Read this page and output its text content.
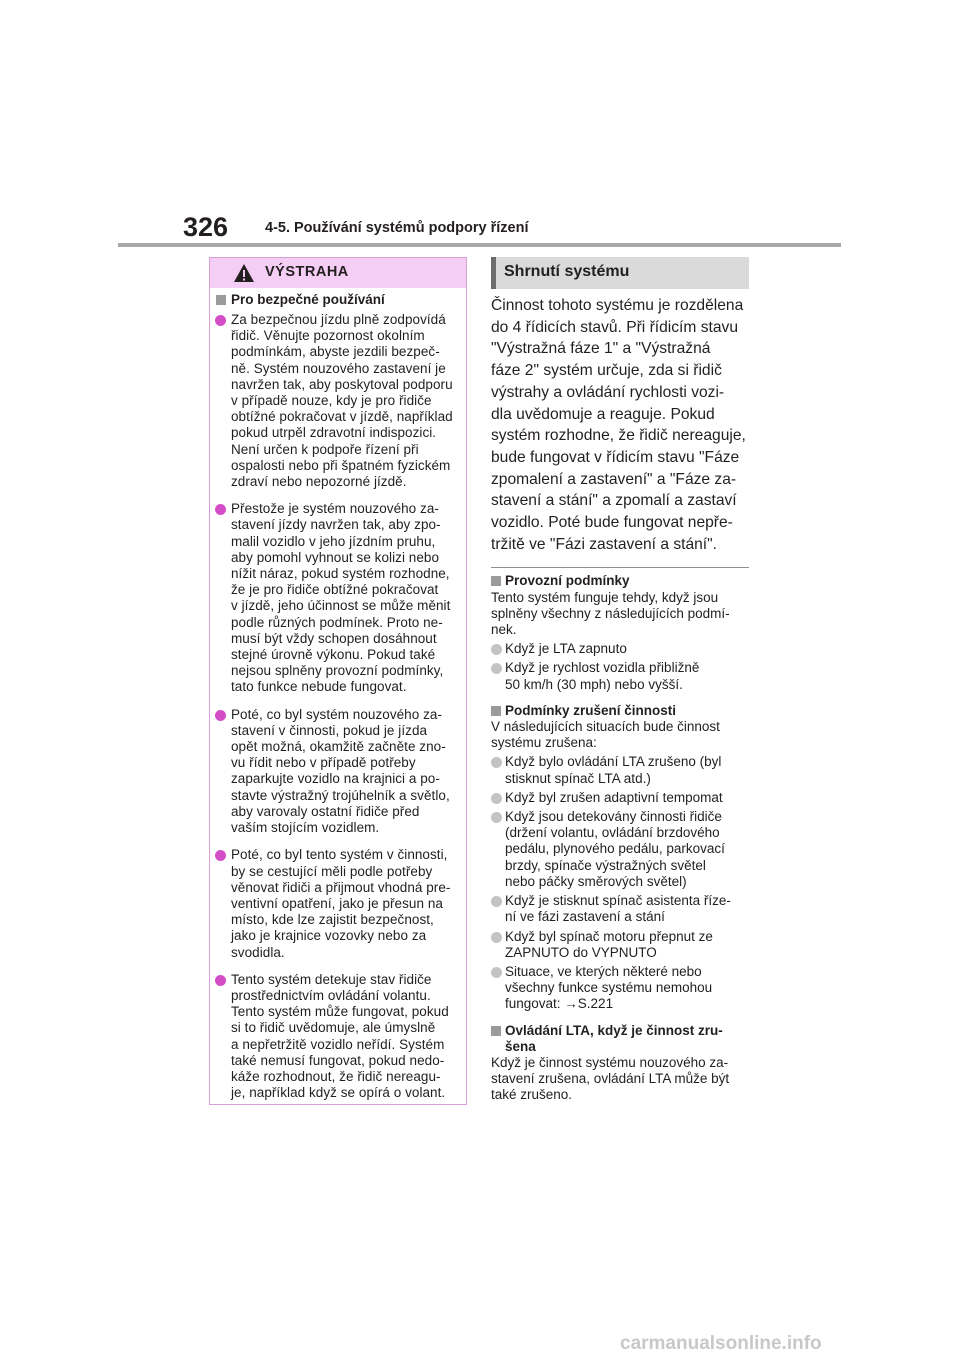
326	4-5. Používání systémů podpory řízení
VÝSTRAHA
Pro bezpečné používání
Za bezpečnou jízdu plně zodpovídá
řidič. Věnujte pozornost okolním
podmínkám, abyste jezdili bezpeč-
ně. Systém nouzového zastavení je
navržen tak, aby poskytoval podporu
v případě nouze, kdy je pro řidiče
obtížné pokračovat v jízdě, například
pokud utrpěl zdravotní indispozici.
Není určen k podpoře řízení při
ospalosti nebo při špatném fyzickém
zdraví nebo nepozorné jízdě.
Přestože je systém nouzového za-
stavení jízdy navržen tak, aby zpo-
malil vozidlo v jeho jízdním pruhu,
aby pomohl vyhnout se kolizi nebo
nížit náraz, pokud systém rozhodne,
že je pro řidiče obtížné pokračovat
v jízdě, jeho účinnost se může měnit
podle různých podmínek. Proto ne-
musí být vždy schopen dosáhnout
stejné úrovně výkonu. Pokud také
nejsou splněny provozní podmínky,
tato funkce nebude fungovat.
Poté, co byl systém nouzového za-
stavení v činnosti, pokud je jízda
opět možná, okamžitě začněte zno-
vu řídit nebo v případě potřeby
zaparkujte vozidlo na krajnici a po-
stavte výstražný trojúhelník a světlo,
aby varovaly ostatní řidiče před
vaším stojícím vozidlem.
Poté, co byl tento systém v činnosti,
by se cestující měli podle potřeby
věnovat řidiči a přijmout vhodná pre-
ventivní opatření, jako je přesun na
místo, kde lze zajistit bezpečnost,
jako je krajnice vozovky nebo za
svodidla.
Tento systém detekuje stav řidiče
prostřednictvím ovládání volantu.
Tento systém může fungovat, pokud
si to řidič uvědomuje, ale úmyslně
a nepřetržitě vozidlo neřídí. Systém
také nemusí fungovat, pokud nedo-
káže rozhodnout, že řidič nereagu-
je, například když se opírá o volant.
Shrnutí systému
Činnost tohoto systému je rozdělena
do 4 řídicích stavů. Při řídicím stavu
"Výstražná fáze 1" a "Výstražná
fáze 2" systém určuje, zda si řidič
výstrahy a ovládání rychlosti vozi-
dla uvědomuje a reaguje. Pokud
systém rozhodne, že řidič nereaguje,
bude fungovat v řídicím stavu "Fáze
zpomalení a zastavení" a "Fáze za-
stavení a stání" a zpomalí a zastaví
vozidlo. Poté bude fungovat nepře-
tržitě ve "Fázi zastavení a stání".
Provozní podmínky
Tento systém funguje tehdy, když jsou
splněny všechny z následujících podmí-
nek.
Když je LTA zapnuto
Když je rychlost vozidla přibližně
50 km/h (30 mph) nebo vyšší.
Podmínky zrušení činnosti
V následujících situacích bude činnost
systému zrušena:
Když bylo ovládání LTA zrušeno (byl
stisknut spínač LTA atd.)
Když byl zrušen adaptivní tempomat
Když jsou detekovány činnosti řidiče
(držení volantu, ovládání brzdového
pedálu, plynového pedálu, parkovací
brzdy, spínače výstražných světel
nebo páčky směrových světel)
Když je stisknut spínač asistenta říze-
ní ve fázi zastavení a stání
Když byl spínač motoru přepnut ze
ZAPNUTO do VYPNUTO
Situace, ve kterých některé nebo
všechny funkce systému nemohou
fungovat: →S.221
Ovládání LTA, když je činnost zru-
šena
Když je činnost systému nouzového za-
stavení zrušena, ovládání LTA může být
také zrušeno.
carmanualsonline.info
